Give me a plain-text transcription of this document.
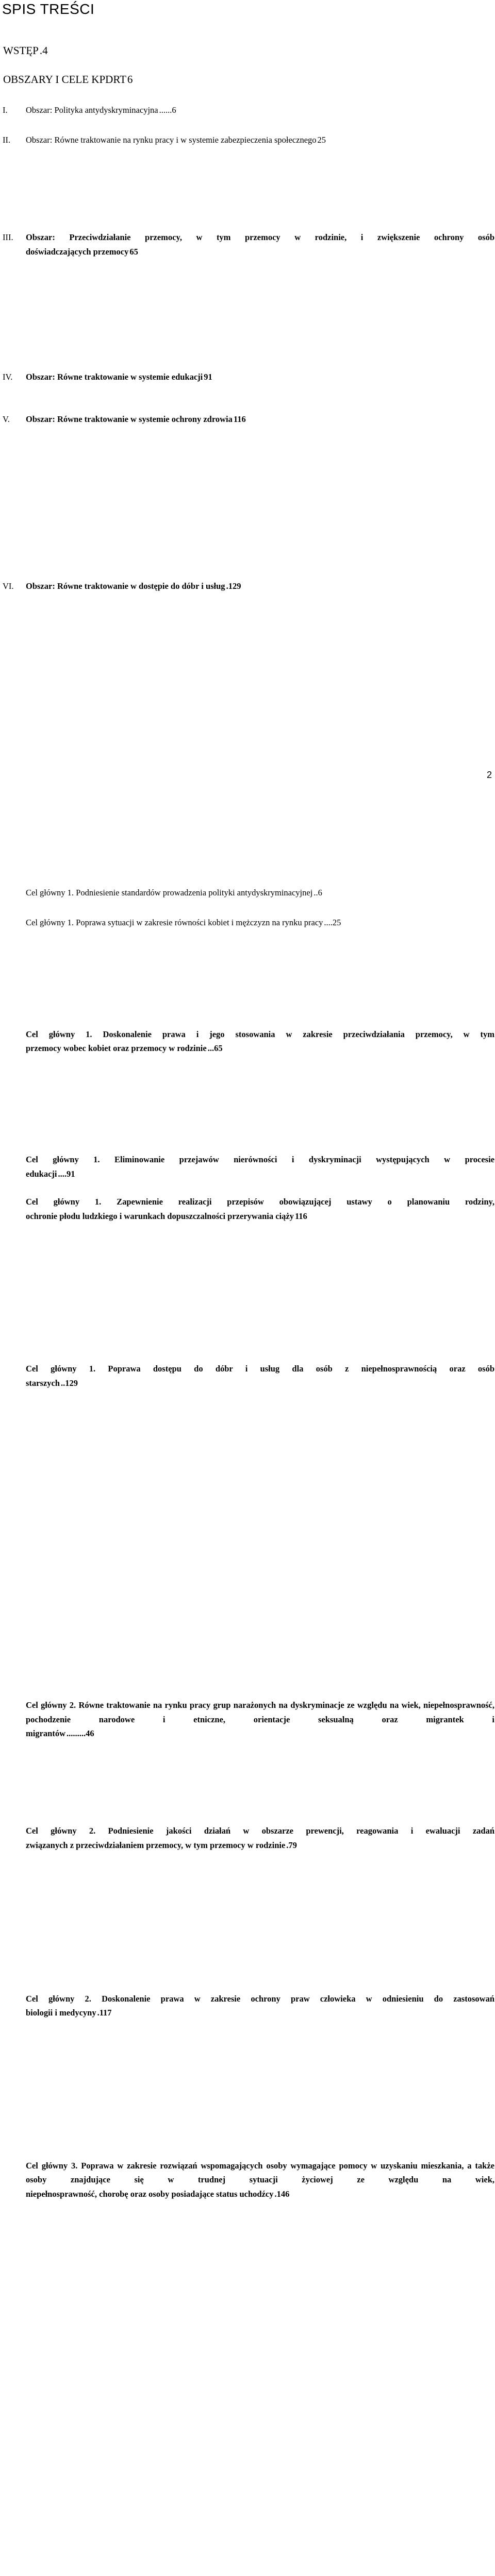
SPIS TREŚCI
WSTĘP …………………………………………………………………………………………………………………………………………………………………………………………………………………… .4
OBSZARY I CELE KPDRT …………………………………………………………………………………………………………………………………………………………………………………………………………………… 6
I. Obszar: Polityka antydyskryminacyjna …………………………………………………………………………………………………………………………………………………………………………………………………………………… ......6
Cel główny 1. Podniesienie standardów prowadzenia polityki antydyskryminacyjnej …………………………………………………………………………………………………………………………………………………………………………………………………………………… ..6
II. Obszar: Równe traktowanie na rynku pracy i w systemie zabezpieczenia społecznego …………………………………………………………………………………………………………………………………………………………………………………………………………………… 25
Cel główny 1. Poprawa sytuacji w zakresie równości kobiet i mężczyzn na rynku pracy …………………………………………………………………………………………………………………………………………………………………………………………………………………… ....25
Cel główny 2. Równe traktowanie na rynku pracy grup narażonych na dyskryminacje ze względu na wiek, niepełnosprawność, pochodzenie narodowe i etniczne, orientacje seksualną oraz migrantek i
migrantów …………………………………………………………………………………………………………………………………………………………………………………………………………………… .........46
III. Obszar: Przeciwdziałanie przemocy, w tym przemocy w rodzinie, i zwiększenie ochrony osób
doświadczających przemocy …………………………………………………………………………………………………………………………………………………………………………………………………………………… 65
Cel główny 1. Doskonalenie prawa i jego stosowania w zakresie przeciwdziałania przemocy, w tym
przemocy wobec kobiet oraz przemocy w rodzinie …………………………………………………………………………………………………………………………………………………………………………………………………………………… ...65
Cel główny 2. Podniesienie jakości działań w obszarze prewencji, reagowania i ewaluacji zadań
związanych z przeciwdziałaniem przemocy, w tym przemocy w rodzinie …………………………………………………………………………………………………………………………………………………………………………………………………………………… .79
IV. Obszar: Równe traktowanie w systemie edukacji …………………………………………………………………………………………………………………………………………………………………………………………………………………… 91
Cel główny 1. Eliminowanie przejawów nierówności i dyskryminacji występujących w procesie
edukacji …………………………………………………………………………………………………………………………………………………………………………………………………………………… ....91
V. Obszar: Równe traktowanie w systemie ochrony zdrowia …………………………………………………………………………………………………………………………………………………………………………………………………………………… 116
Cel główny 1. Zapewnienie realizacji przepisów obowiązującej ustawy o planowaniu rodziny,
ochronie płodu ludzkiego i warunkach dopuszczalności przerywania ciąży …………………………………………………………………………………………………………………………………………………………………………………………………………………… 116
Cel główny 2. Doskonalenie prawa w zakresie ochrony praw człowieka w odniesieniu do zastosowań
biologii i medycyny …………………………………………………………………………………………………………………………………………………………………………………………………………………… .117
VI. Obszar: Równe traktowanie w dostępie do dóbr i usług …………………………………………………………………………………………………………………………………………………………………………………………………………………… .129
Cel główny 1. Poprawa dostępu do dóbr i usług dla osób z niepełnosprawnością oraz osób
starszych …………………………………………………………………………………………………………………………………………………………………………………………………………………… ..129
Cel główny 3. Poprawa w zakresie rozwiązań wspomagających osoby wymagające pomocy w uzyskaniu mieszkania, a także osoby znajdujące się w trudnej sytuacji życiowej ze względu na wiek,
niepełnosprawność, chorobę oraz osoby posiadające status uchodźcy …………………………………………………………………………………………………………………………………………………………………………………………………………………… .146
2
